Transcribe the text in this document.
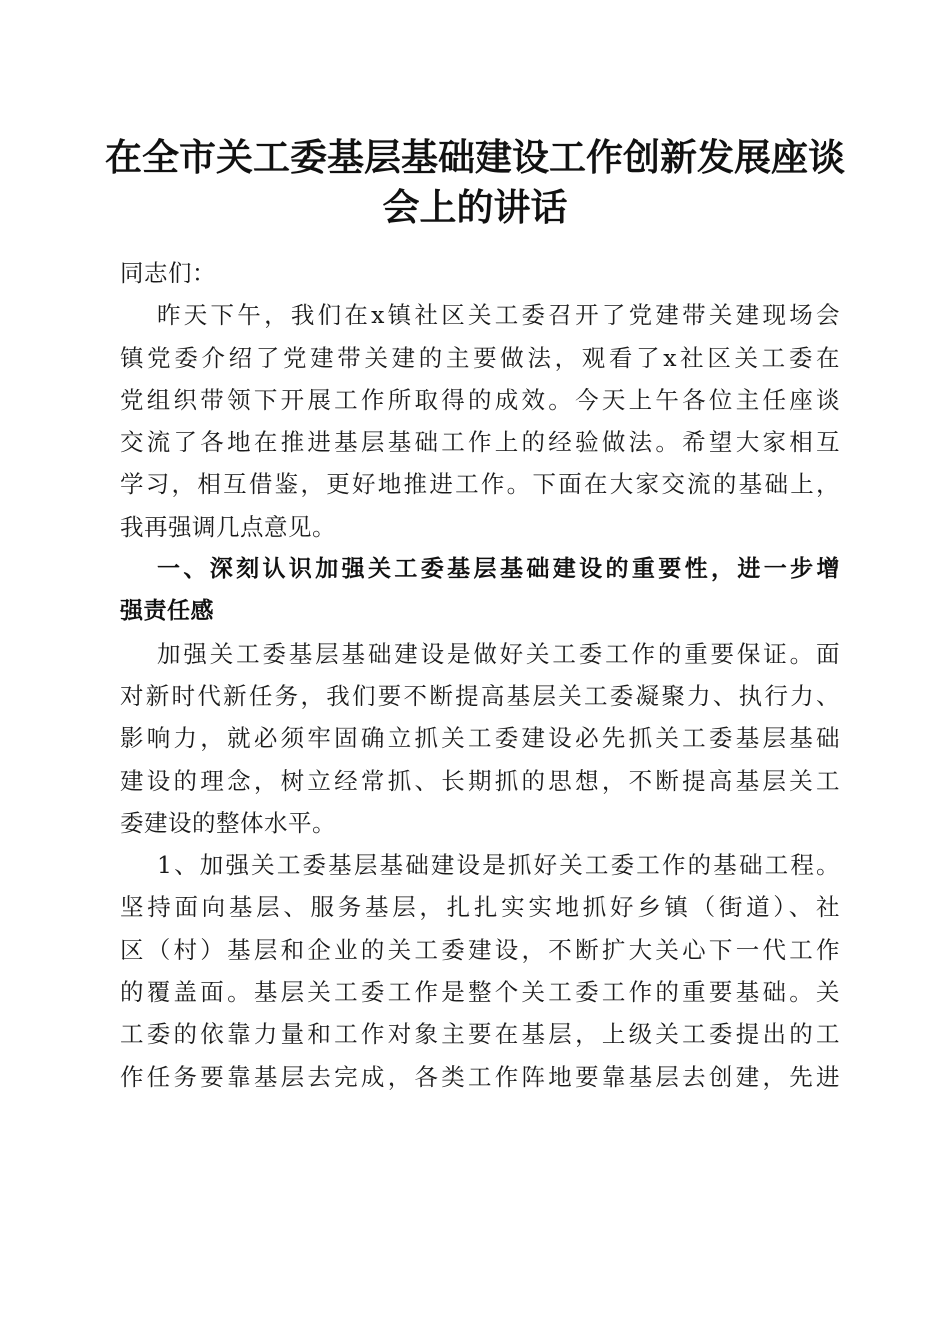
在全市关工委基层基础建设工作创新发展座谈
会上的讲话
同志们：
昨天下午，我们在x镇社区关工委召开了党建带关建现场会
镇党委介绍了党建带关建的主要做法，观看了x社区关工委在
党组织带领下开展工作所取得的成效。今天上午各位主任座谈
交流了各地在推进基层基础工作上的经验做法。希望大家相互
学习，相互借鉴，更好地推进工作。下面在大家交流的基础上，
我再强调几点意见。
一、深刻认识加强关工委基层基础建设的重要性，进一步增
强责任感
加强关工委基层基础建设是做好关工委工作的重要保证。面
对新时代新任务，我们要不断提高基层关工委凝聚力、执行力、
影响力，就必须牢固确立抓关工委建设必先抓关工委基层基础
建设的理念，树立经常抓、长期抓的思想，不断提高基层关工
委建设的整体水平。
1、加强关工委基层基础建设是抓好关工委工作的基础工程。
坚持面向基层、服务基层，扎扎实实地抓好乡镇（街道）、社
区（村）基层和企业的关工委建设，不断扩大关心下一代工作
的覆盖面。基层关工委工作是整个关工委工作的重要基础。关
工委的依靠力量和工作对象主要在基层，上级关工委提出的工
作任务要靠基层去完成，各类工作阵地要靠基层去创建，先进
